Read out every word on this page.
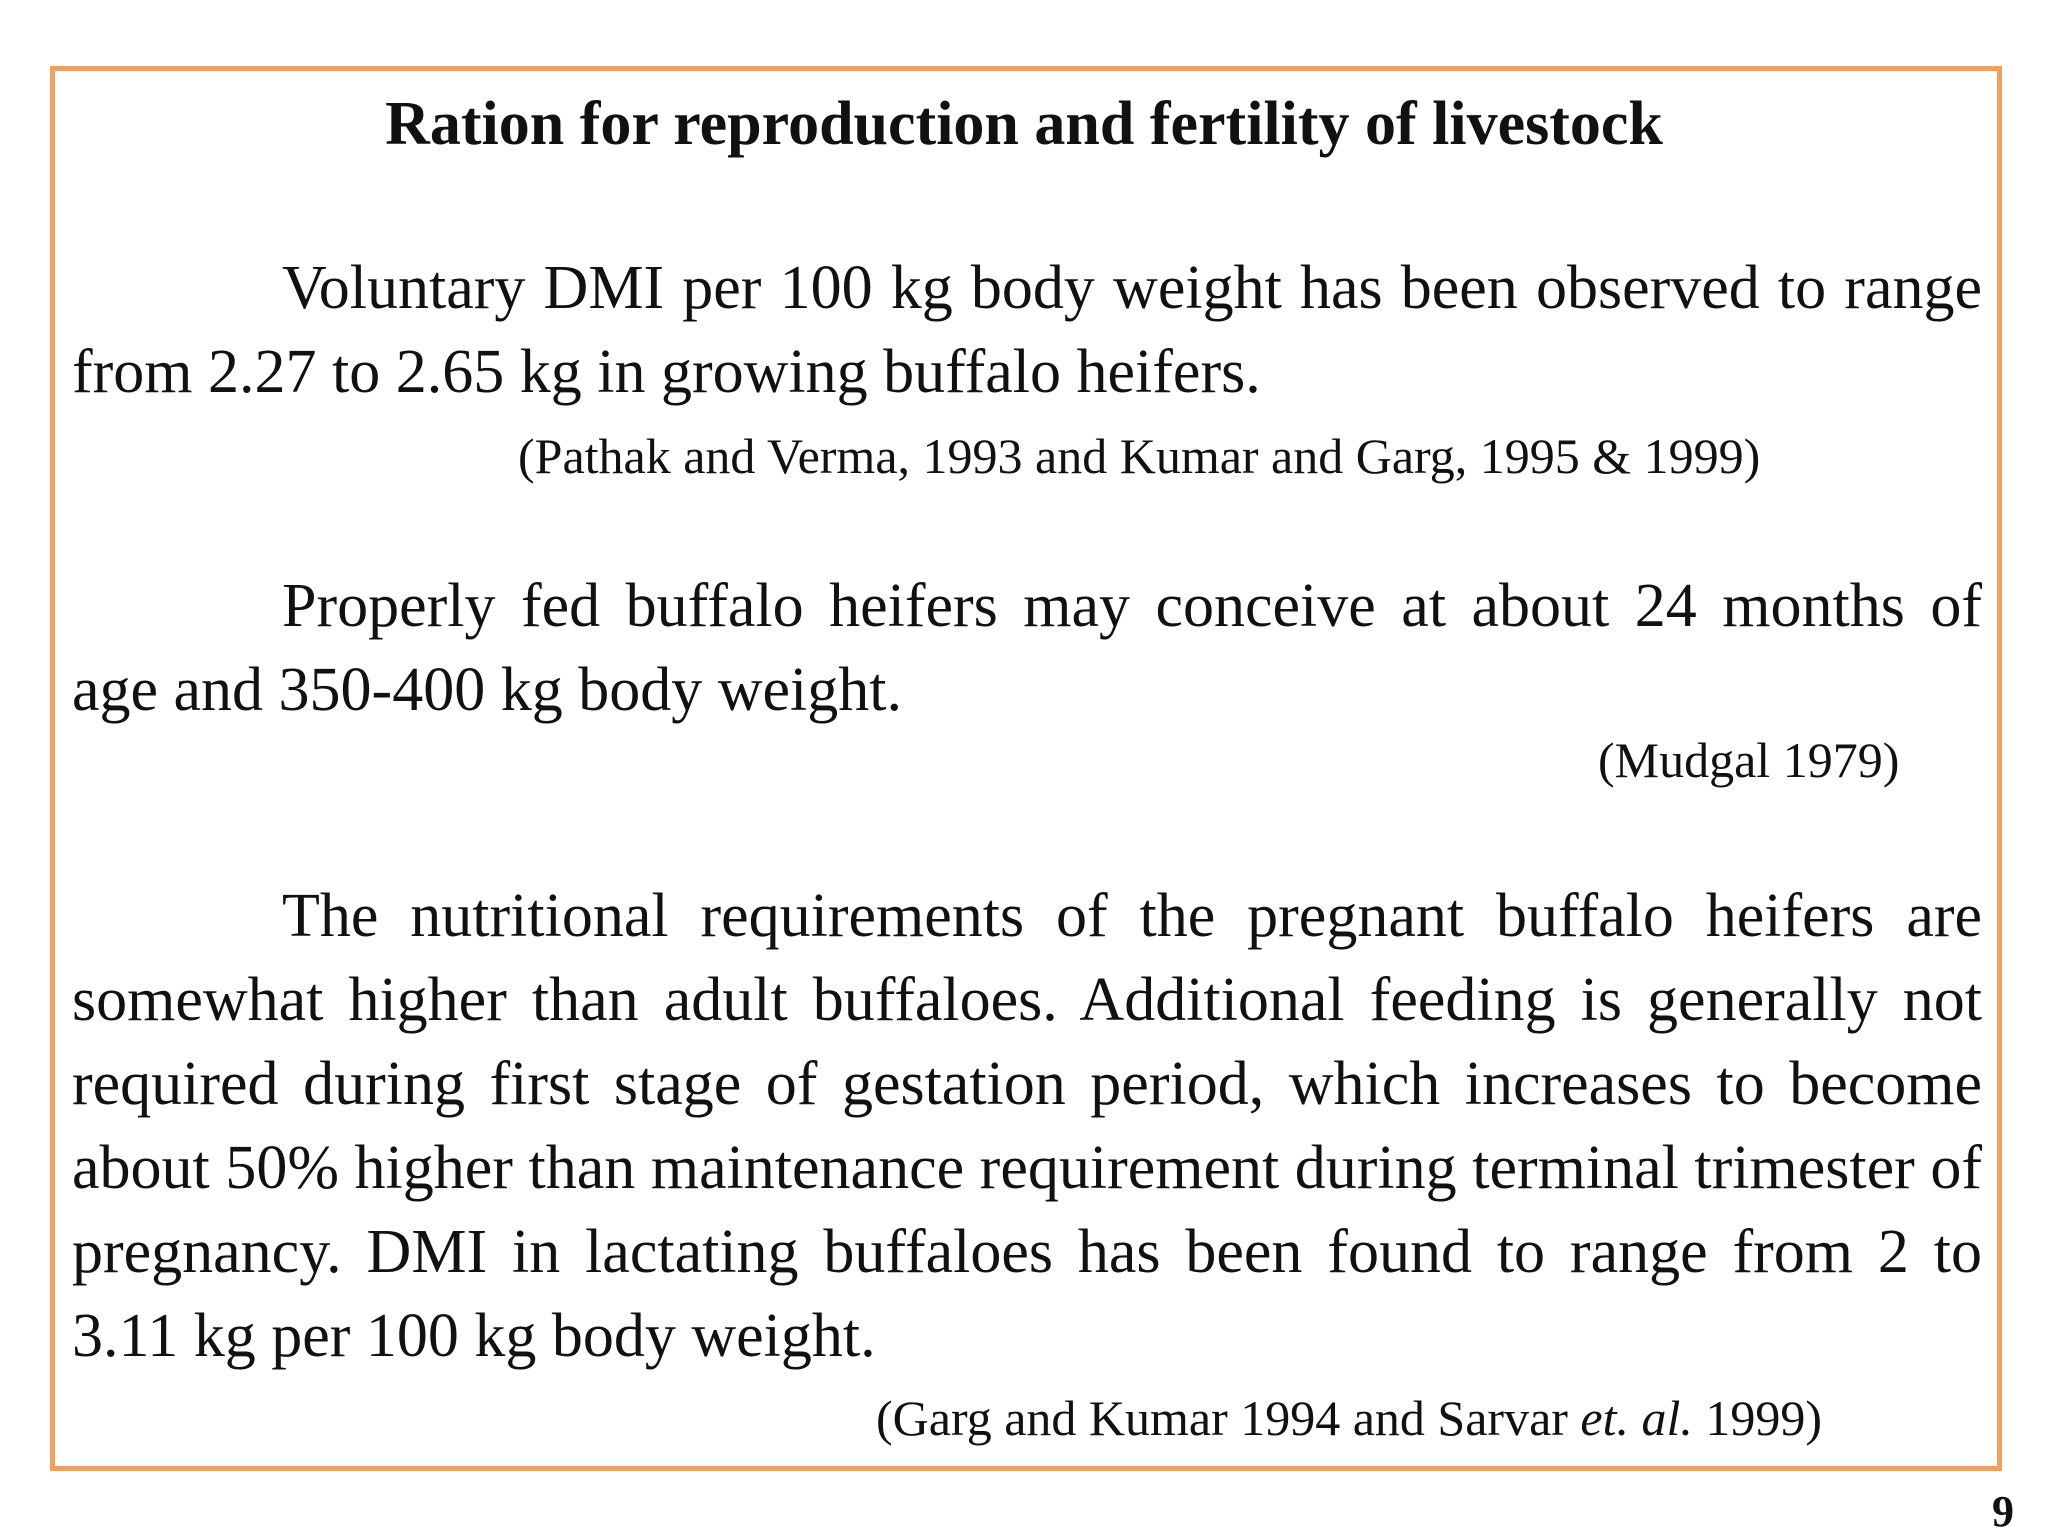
Ration for reproduction and fertility of livestock

Voluntary DMI per 100 kg body weight has been observed to range from 2.27 to 2.65 kg in growing buffalo heifers.

(Pathak and Verma, 1993 and Kumar and Garg, 1995 & 1999)

Properly fed buffalo heifers may conceive at about 24 months of age and 350-400 kg body weight.

(Mudgal 1979)

The nutritional requirements of the pregnant buffalo heifers are somewhat higher than adult buffaloes. Additional feeding is generally not required during first stage of gestation period, which increases to become about 50% higher than maintenance requirement during terminal trimester of pregnancy. DMI in lactating buffaloes has been found to range from 2 to 3.11 kg per 100 kg body weight.

(Garg and Kumar 1994 and Sarvar et. al. 1999)

9
